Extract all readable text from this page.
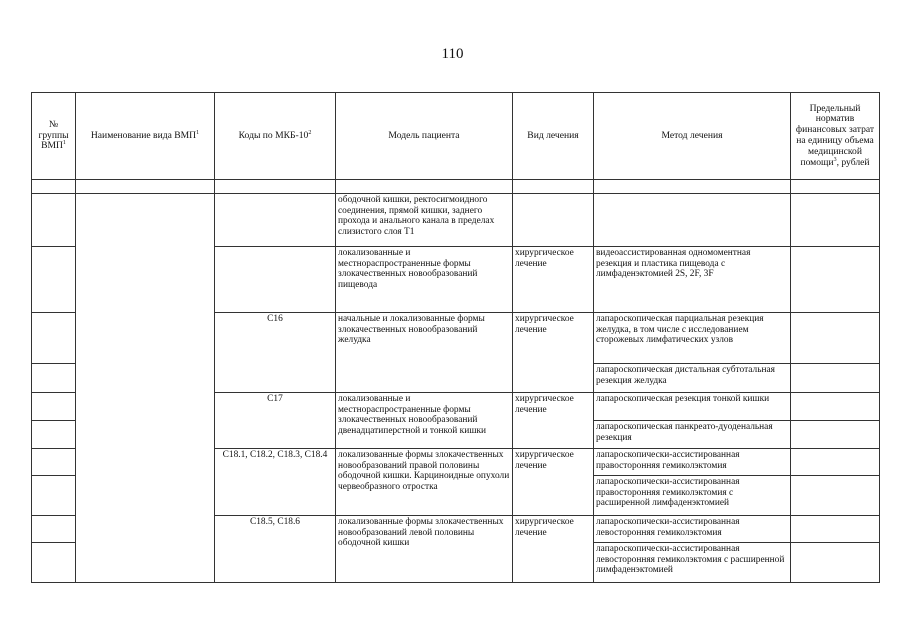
110
№ группы ВМП$^1$	Наименование вида ВМП$^1$	Коды по МКБ-$10^2$	Модель пациента	Вид лечения	Метод лечения	Предельный норматив финансовых затрат на единицу объема медицинской помощи$^3$, рублей

			ободочной кишки, ректосигмоидного соединения, прямой кишки, заднего прохода и анального канала в пределах слизистого слоя T1			
			локализованные и местнораспространенные формы злокачественных новообразований пищевода	хирургическое лечение	видеоассистированная одномоментная резекция и пластика пищевода с лимфаденэктомией 2S, 2F, 3F	
		C16	начальные и локализованные формы злокачественных новообразований желудка	хирургическое лечение	лапароскопическая парциальная резекция желудка, в том числе с исследованием сторожевых лимфатических узлов	
					лапароскопическая дистальная субтотальная резекция желудка	
		C17	локализованные и местнораспространенные формы злокачественных новообразований двенадцатиперстной и тонкой кишки	хирургическое лечение	лапароскопическая резекция тонкой кишки	
					лапароскопическая панкреато-дуоденальная резекция	
		C18.1, C18.2, C18.3, C18.4	локализованные формы злокачественных новообразований правой половины ободочной кишки. Карциноидные опухоли червеобразного отростка	хирургическое лечение	лапароскопически-ассистированная правосторонняя гемиколэктомия	
					лапароскопически-ассистированная правосторонняя гемиколэктомия с расширенной лимфаденэктомией	
		C18.5, C18.6	локализованные формы злокачественных новообразований левой половины ободочной кишки	хирургическое лечение	лапароскопически-ассистированная левосторонняя гемиколэктомия	
					лапароскопически-ассистированная левосторонняя гемиколэктомия с расширенной лимфаденэктомией	
